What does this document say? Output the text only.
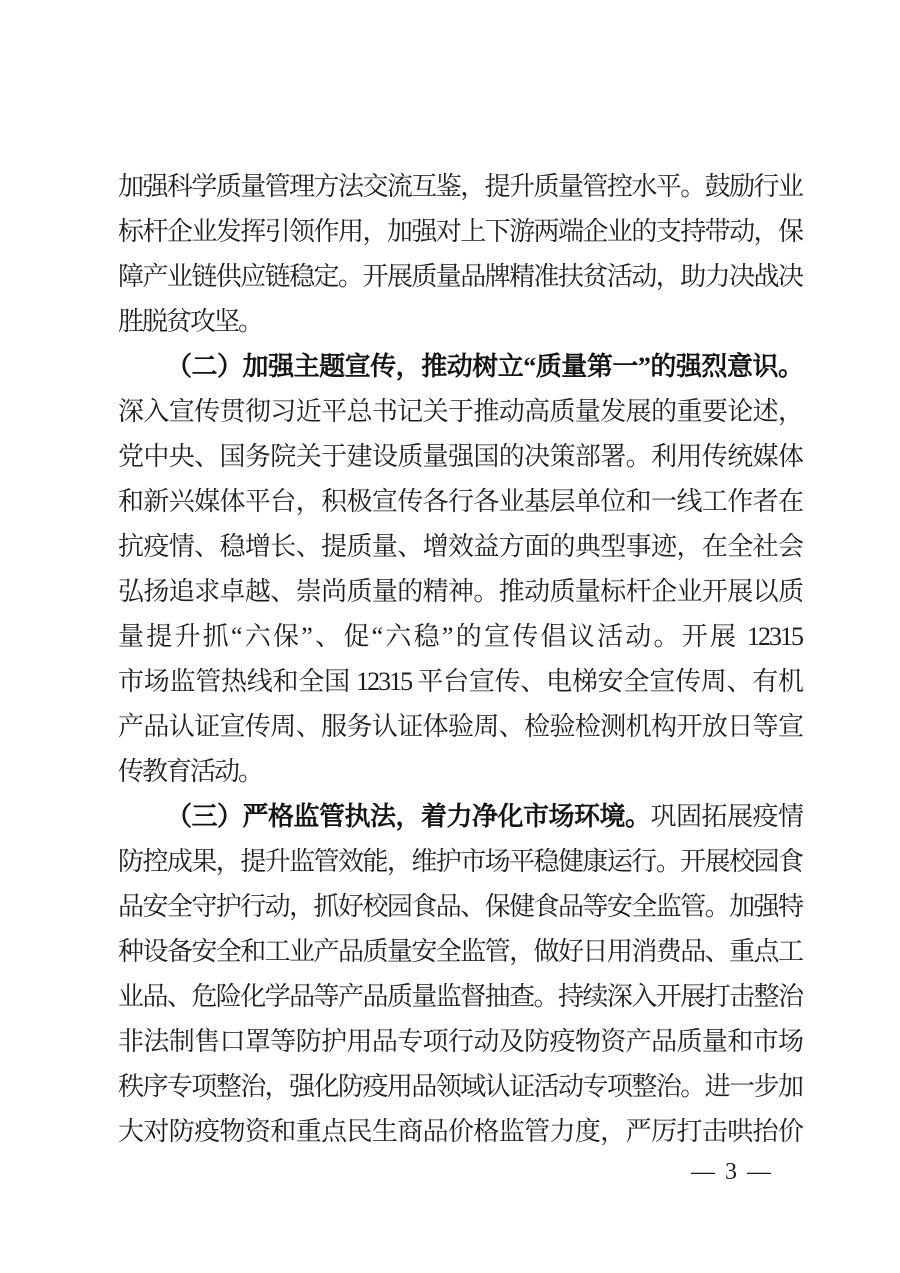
加强科学质量管理方法交流互鉴，提升质量管控水平。鼓励行业
标杆企业发挥引领作用，加强对上下游两端企业的支持带动，保
障产业链供应链稳定。开展质量品牌精准扶贫活动，助力决战决
胜脱贫攻坚。
（二）加强主题宣传，推动树立“质量第一”的强烈意识。
深入宣传贯彻习近平总书记关于推动高质量发展的重要论述，
党中央、国务院关于建设质量强国的决策部署。利用传统媒体
和新兴媒体平台，积极宣传各行各业基层单位和一线工作者在
抗疫情、稳增长、提质量、增效益方面的典型事迹，在全社会
弘扬追求卓越、崇尚质量的精神。推动质量标杆企业开展以质
量提升抓“六保”、促“六稳”的宣传倡议活动。开展 12315
市场监管热线和全国 12315 平台宣传、电梯安全宣传周、有机
产品认证宣传周、服务认证体验周、检验检测机构开放日等宣
传教育活动。
（三）严格监管执法，着力净化市场环境。巩固拓展疫情
防控成果，提升监管效能，维护市场平稳健康运行。开展校园食
品安全守护行动，抓好校园食品、保健食品等安全监管。加强特
种设备安全和工业产品质量安全监管，做好日用消费品、重点工
业品、危险化学品等产品质量监督抽查。持续深入开展打击整治
非法制售口罩等防护用品专项行动及防疫物资产品质量和市场
秩序专项整治，强化防疫用品领域认证活动专项整治。进一步加
大对防疫物资和重点民生商品价格监管力度，严厉打击哄抬价
— 3 —
